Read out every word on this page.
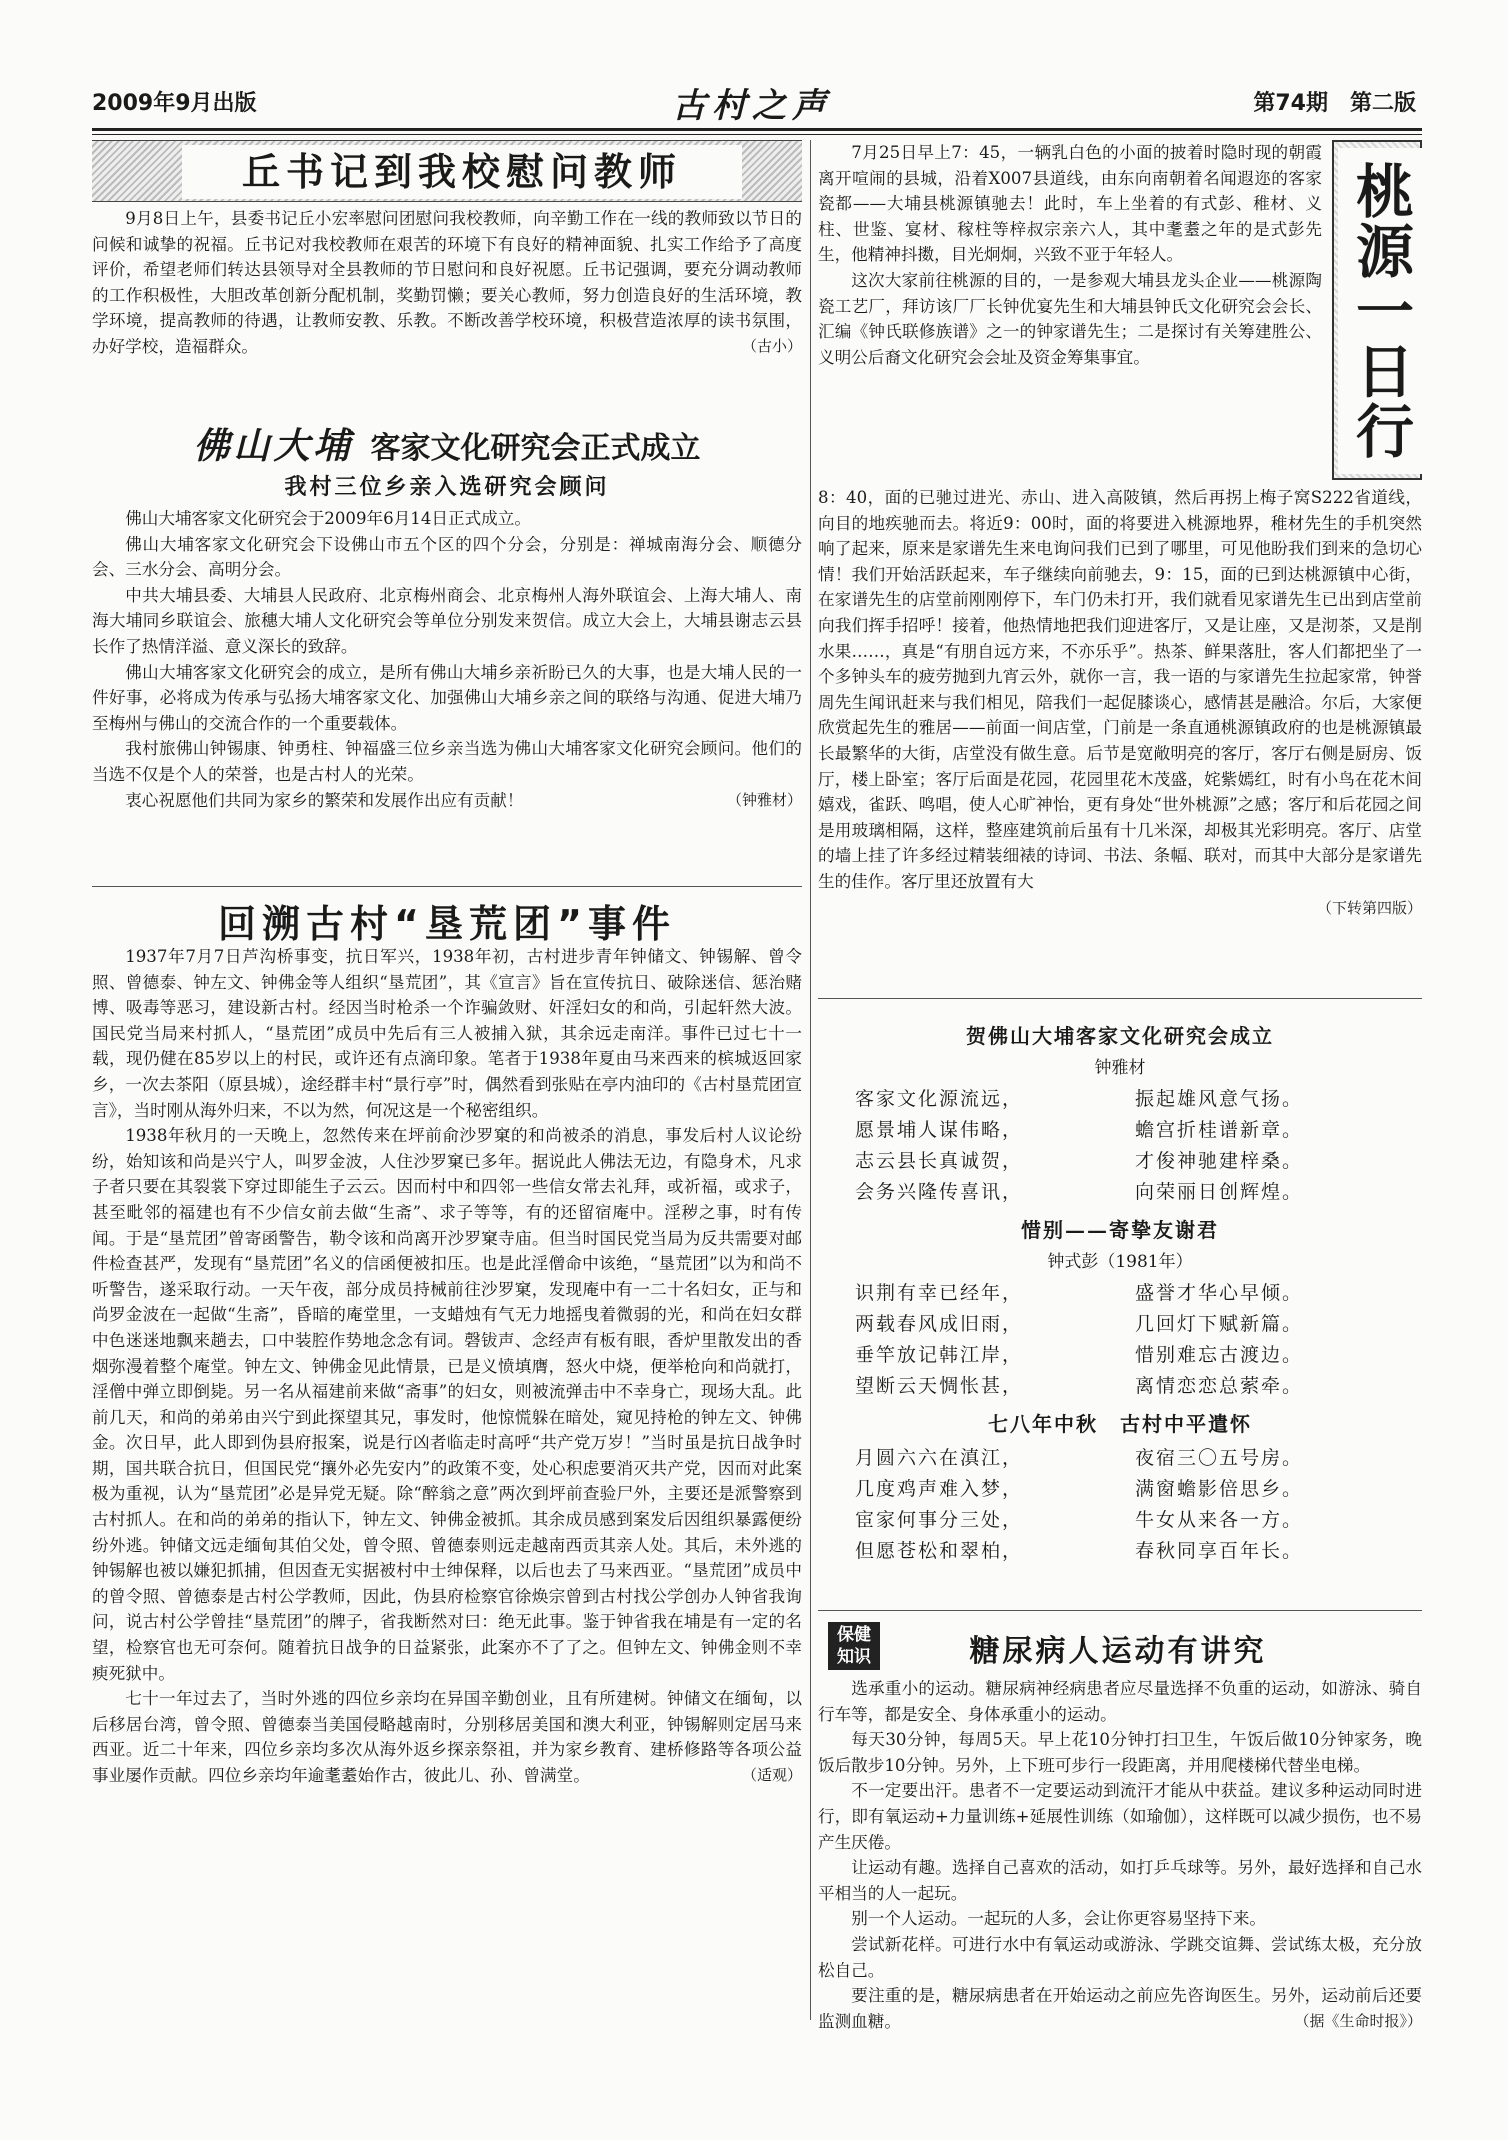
2009年9月出版	古村之声	第74期　第二版
丘书记到我校慰问教师

9月8日上午，县委书记丘小宏率慰问团慰问我校教师，向辛勤工作在一线的教师致以节日的问候和诚挚的祝福。丘书记对我校教师在艰苦的环境下有良好的精神面貌、扎实工作给予了高度评价，希望老师们转达县领导对全县教师的节日慰问和良好祝愿。丘书记强调，要充分调动教师的工作积极性，大胆改革创新分配机制，奖勤罚懒；要关心教师，努力创造良好的生活环境，教学环境，提高教师的待遇，让教师安教、乐教。不断改善学校环境，积极营造浓厚的读书氛围，办好学校，造福群众。	（古小）

佛山大埔 客家文化研究会正式成立
我村三位乡亲入选研究会顾问

佛山大埔客家文化研究会于2009年6月14日正式成立。

佛山大埔客家文化研究会下设佛山市五个区的四个分会，分别是：禅城南海分会、顺德分会、三水分会、高明分会。

中共大埔县委、大埔县人民政府、北京梅州商会、北京梅州人海外联谊会、上海大埔人、南海大埔同乡联谊会、旅穗大埔人文化研究会等单位分别发来贺信。成立大会上，大埔县谢志云县长作了热情洋溢、意义深长的致辞。

佛山大埔客家文化研究会的成立，是所有佛山大埔乡亲祈盼已久的大事，也是大埔人民的一件好事，必将成为传承与弘扬大埔客家文化、加强佛山大埔乡亲之间的联络与沟通、促进大埔乃至梅州与佛山的交流合作的一个重要载体。

我村旅佛山钟锡康、钟勇柱、钟福盛三位乡亲当选为佛山大埔客家文化研究会顾问。他们的当选不仅是个人的荣誉，也是古村人的光荣。

衷心祝愿他们共同为家乡的繁荣和发展作出应有贡献！	（钟雅材）

回溯古村“垦荒团”事件

1937年7月7日芦沟桥事变，抗日军兴，1938年初，古村进步青年钟储文、钟锡解、曾令照、曾德泰、钟左文、钟佛金等人组织“垦荒团”，其《宣言》旨在宣传抗日、破除迷信、惩治赌博、吸毒等恶习，建设新古村。经因当时枪杀一个诈骗敛财、奸淫妇女的和尚，引起轩然大波。国民党当局来村抓人，“垦荒团”成员中先后有三人被捕入狱，其余远走南洋。事件已过七十一载，现仍健在85岁以上的村民，或许还有点滴印象。笔者于1938年夏由马来西来的槟城返回家乡，一次去茶阳（原县城），途经群丰村“景行亭”时，偶然看到张贴在亭内油印的《古村垦荒团宣言》，当时刚从海外归来，不以为然，何况这是一个秘密组织。

1938年秋月的一天晚上，忽然传来在坪前俞沙罗窠的和尚被杀的消息，事发后村人议论纷纷，始知该和尚是兴宁人，叫罗金波，人住沙罗窠已多年。据说此人佛法无边，有隐身术，凡求子者只要在其裂裳下穿过即能生子云云。因而村中和四邻一些信女常去礼拜，或祈福，或求子，甚至毗邻的福建也有不少信女前去做“生斋”、求子等等，有的还留宿庵中。淫秽之事，时有传闻。于是“垦荒团”曾寄函警告，勒令该和尚离开沙罗窠寺庙。但当时国民党当局为反共需要对邮件检查甚严，发现有“垦荒团”名义的信函便被扣压。也是此淫僧命中该绝，“垦荒团”以为和尚不听警告，遂采取行动。一天午夜，部分成员持械前往沙罗窠，发现庵中有一二十名妇女，正与和尚罗金波在一起做“生斋”，昏暗的庵堂里，一支蜡烛有气无力地摇曳着微弱的光，和尚在妇女群中色迷迷地飘来趟去，口中装腔作势地念念有词。磬钹声、念经声有板有眼，香炉里散发出的香烟弥漫着整个庵堂。钟左文、钟佛金见此情景，已是义愤填膺，怒火中烧，便举枪向和尚就打，淫僧中弹立即倒毙。另一名从福建前来做“斋事”的妇女，则被流弹击中不幸身亡，现场大乱。此前几天，和尚的弟弟由兴宁到此探望其兄，事发时，他惊慌躲在暗处，窥见持枪的钟左文、钟佛金。次日早，此人即到伪县府报案，说是行凶者临走时高呼“共产党万岁！”当时虽是抗日战争时期，国共联合抗日，但国民党“攘外必先安内”的政策不变，处心积虑要消灭共产党，因而对此案极为重视，认为“垦荒团”必是异党无疑。除“醉翁之意”两次到坪前查验尸外，主要还是派警察到古村抓人。在和尚的弟弟的指认下，钟左文、钟佛金被抓。其余成员感到案发后因组织暴露便纷纷外逃。钟储文远走缅甸其伯父处，曾令照、曾德泰则远走越南西贡其亲人处。其后，未外逃的钟锡解也被以嫌犯抓捕，但因查无实据被村中士绅保释，以后也去了马来西亚。“垦荒团”成员中的曾令照、曾德泰是古村公学教师，因此，伪县府检察官徐焕宗曾到古村找公学创办人钟省我询问，说古村公学曾挂“垦荒团”的牌子，省我断然对曰：绝无此事。鉴于钟省我在埔是有一定的名望，检察官也无可奈何。随着抗日战争的日益紧张，此案亦不了了之。但钟左文、钟佛金则不幸瘐死狱中。

七十一年过去了，当时外逃的四位乡亲均在异国辛勤创业，且有所建树。钟储文在缅甸，以后移居台湾，曾令照、曾德泰当美国侵略越南时，分别移居美国和澳大利亚，钟锡解则定居马来西亚。近二十年来，四位乡亲均多次从海外返乡探亲祭祖，并为家乡教育、建桥修路等各项公益事业屡作贡献。四位乡亲均年逾耄耋始作古，彼此儿、孙、曾满堂。	（适观）

桃源一日行

7月25日早上7：45，一辆乳白色的小面的披着时隐时现的朝霞离开喧闹的县城，沿着X007县道线，由东向南朝着名闻遐迩的客家瓷都——大埔县桃源镇驰去！此时，车上坐着的有式彭、稚材、义柱、世鉴、宴材、稼柱等梓叔宗亲六人，其中耄耋之年的是式彭先生，他精神抖擞，目光炯炯，兴致不亚于年轻人。

这次大家前往桃源的目的，一是参观大埔县龙头企业——桃源陶瓷工艺厂，拜访该厂厂长钟优宴先生和大埔县钟氏文化研究会会长、汇编《钟氏联修族谱》之一的钟家谱先生；二是探讨有关筹建胜公、义明公后裔文化研究会会址及资金筹集事宜。

8：40，面的已驰过进光、赤山、进入高陂镇，然后再拐上梅子窝S222省道线，向目的地疾驰而去。将近9：00时，面的将要进入桃源地界，稚材先生的手机突然响了起来，原来是家谱先生来电询问我们已到了哪里，可见他盼我们到来的急切心情！我们开始活跃起来，车子继续向前驰去，9：15，面的已到达桃源镇中心街，在家谱先生的店堂前刚刚停下，车门仍未打开，我们就看见家谱先生已出到店堂前向我们挥手招呼！接着，他热情地把我们迎进客厅，又是让座，又是沏茶，又是削水果……，真是“有朋自远方来，不亦乐乎”。热茶、鲜果落肚，客人们都把坐了一个多钟头车的疲劳抛到九宵云外，就你一言，我一语的与家谱先生拉起家常，钟誉周先生闻讯赶来与我们相见，陪我们一起促膝谈心，感情甚是融洽。尔后，大家便欣赏起先生的雅居——前面一间店堂，门前是一条直通桃源镇政府的也是桃源镇最长最繁华的大街，店堂没有做生意。后节是宽敞明亮的客厅，客厅右侧是厨房、饭厅，楼上卧室；客厅后面是花园，花园里花木茂盛，姹紫嫣红，时有小鸟在花木间嬉戏，雀跃、鸣唱，使人心旷神怡，更有身处“世外桃源”之感；客厅和后花园之间是用玻璃相隔，这样，整座建筑前后虽有十几米深，却极其光彩明亮。客厅、店堂的墙上挂了许多经过精装细裱的诗词、书法、条幅、联对，而其中大部分是家谱先生的佳作。客厅里还放置有大

（下转第四版）
贺佛山大埔客家文化研究会成立
钟雅材
客家文化源流远，	振起雄风意气扬。
愿景埔人谋伟略，	蟾宫折桂谱新章。
志云县长真诚贺，	才俊神驰建梓桑。
会务兴隆传喜讯，	向荣丽日创辉煌。
惜别——寄挚友谢君
钟式彭（1981年）
识荆有幸已经年，	盛誉才华心早倾。
两载春风成旧雨，	几回灯下赋新篇。
垂竿放记韩江岸，	惜别难忘古渡边。
望断云天惆怅甚，	离情恋恋总萦牵。
七八年中秋　古村中平遣怀
月圆六六在滇江，	夜宿三〇五号房。
几度鸡声难入梦，	满窗蟾影倍思乡。
宦家何事分三处，	牛女从来各一方。
但愿苍松和翠柏，	春秋同享百年长。
保健
知识	糖尿病人运动有讲究

选承重小的运动。糖尿病神经病患者应尽量选择不负重的运动，如游泳、骑自行车等，都是安全、身体承重小的运动。

每天30分钟，每周5天。早上花10分钟打扫卫生，午饭后做10分钟家务，晚饭后散步10分钟。另外，上下班可步行一段距离，并用爬楼梯代替坐电梯。

不一定要出汗。患者不一定要运动到流汗才能从中获益。建议多种运动同时进行，即有氧运动+力量训练+延展性训练（如瑜伽），这样既可以减少损伤，也不易产生厌倦。

让运动有趣。选择自己喜欢的活动，如打乒乓球等。另外，最好选择和自己水平相当的人一起玩。

别一个人运动。一起玩的人多，会让你更容易坚持下来。

尝试新花样。可进行水中有氧运动或游泳、学跳交谊舞、尝试练太极，充分放松自己。

要注重的是，糖尿病患者在开始运动之前应先咨询医生。另外，运动前后还要监测血糖。	（据《生命时报》）
